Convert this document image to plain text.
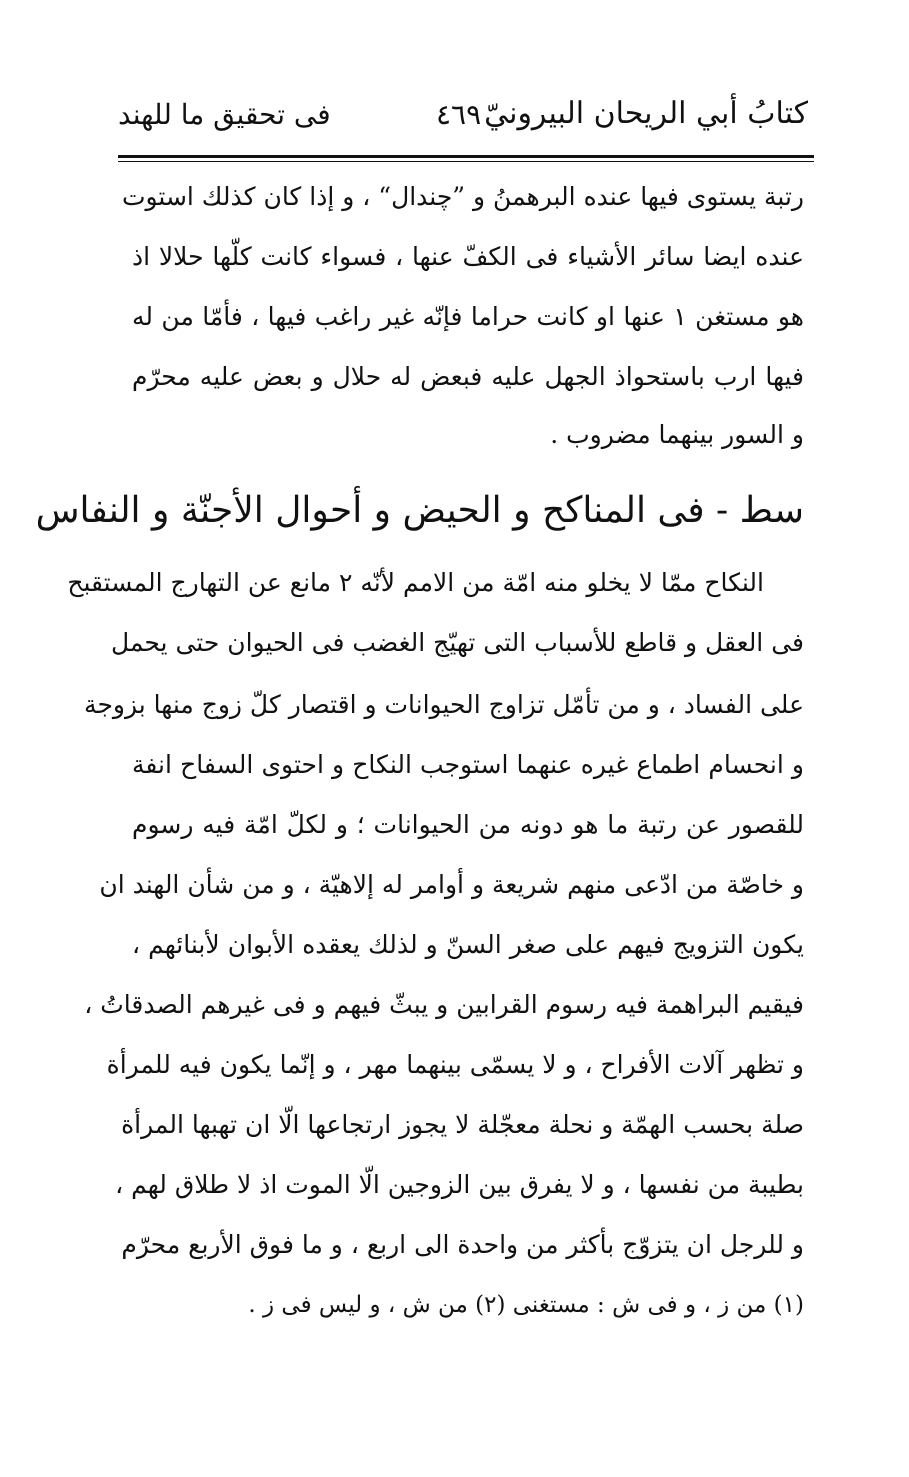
كتابُ أبي الريحان البيرونيّ
٤٦٩
فى تحقيق ما للهند
رتبة يستوى فيها عنده البرهمنُ و ”چندال“ ، و إذا كان كذلك استوت
عنده ايضا سائر الأشياء فى الكفّ عنها ، فسواء كانت كلّها حلالا اذ
هو مستغن ١ عنها او كانت حراما فإنّه غير راغب فيها ، فأمّا من له
فيها ارب باستحواذ الجهل عليه فبعض له حلال و بعض عليه محرّم
و السور بينهما مضروب .
سط - فى المناكح و الحيض و أحوال الأجنّة و النفاس
النكاح ممّا لا يخلو منه امّة من الامم لأنّه ٢ مانع عن التهارج المستقبح
فى العقل و قاطع للأسباب التى تهيّج الغضب فى الحيوان حتى يحمل
على الفساد ، و من تأمّل تزاوج الحيوانات و اقتصار كلّ زوج منها بزوجة
و انحسام اطماع غيره عنهما استوجب النكاح و احتوى السفاح انفة
للقصور عن رتبة ما هو دونه من الحيوانات ؛ و لكلّ امّة فيه رسوم
و خاصّة من ادّعى منهم شريعة و أوامر له إلاهيّة ، و من شأن الهند ان
يكون التزويج فيهم على صغر السنّ و لذلك يعقده الأبوان لأبنائهم ،
فيقيم البراهمة فيه رسوم القرابين و يبثّ فيهم و فى غيرهم الصدقاتُ ،
و تظهر آلات الأفراح ، و لا يسمّى بينهما مهر ، و إنّما يكون فيه للمرأة
صلة بحسب الهمّة و نحلة معجّلة لا يجوز ارتجاعها الّا ان تهبها المرأة
بطيبة من نفسها ، و لا يفرق بين الزوجين الّا الموت اذ لا طلاق لهم ،
و للرجل ان يتزوّج بأكثر من واحدة الى اربع ، و ما فوق الأربع محرّم
(١) من ز ، و فى ش : مستغنى (٢) من ش ، و ليس فى ز .
